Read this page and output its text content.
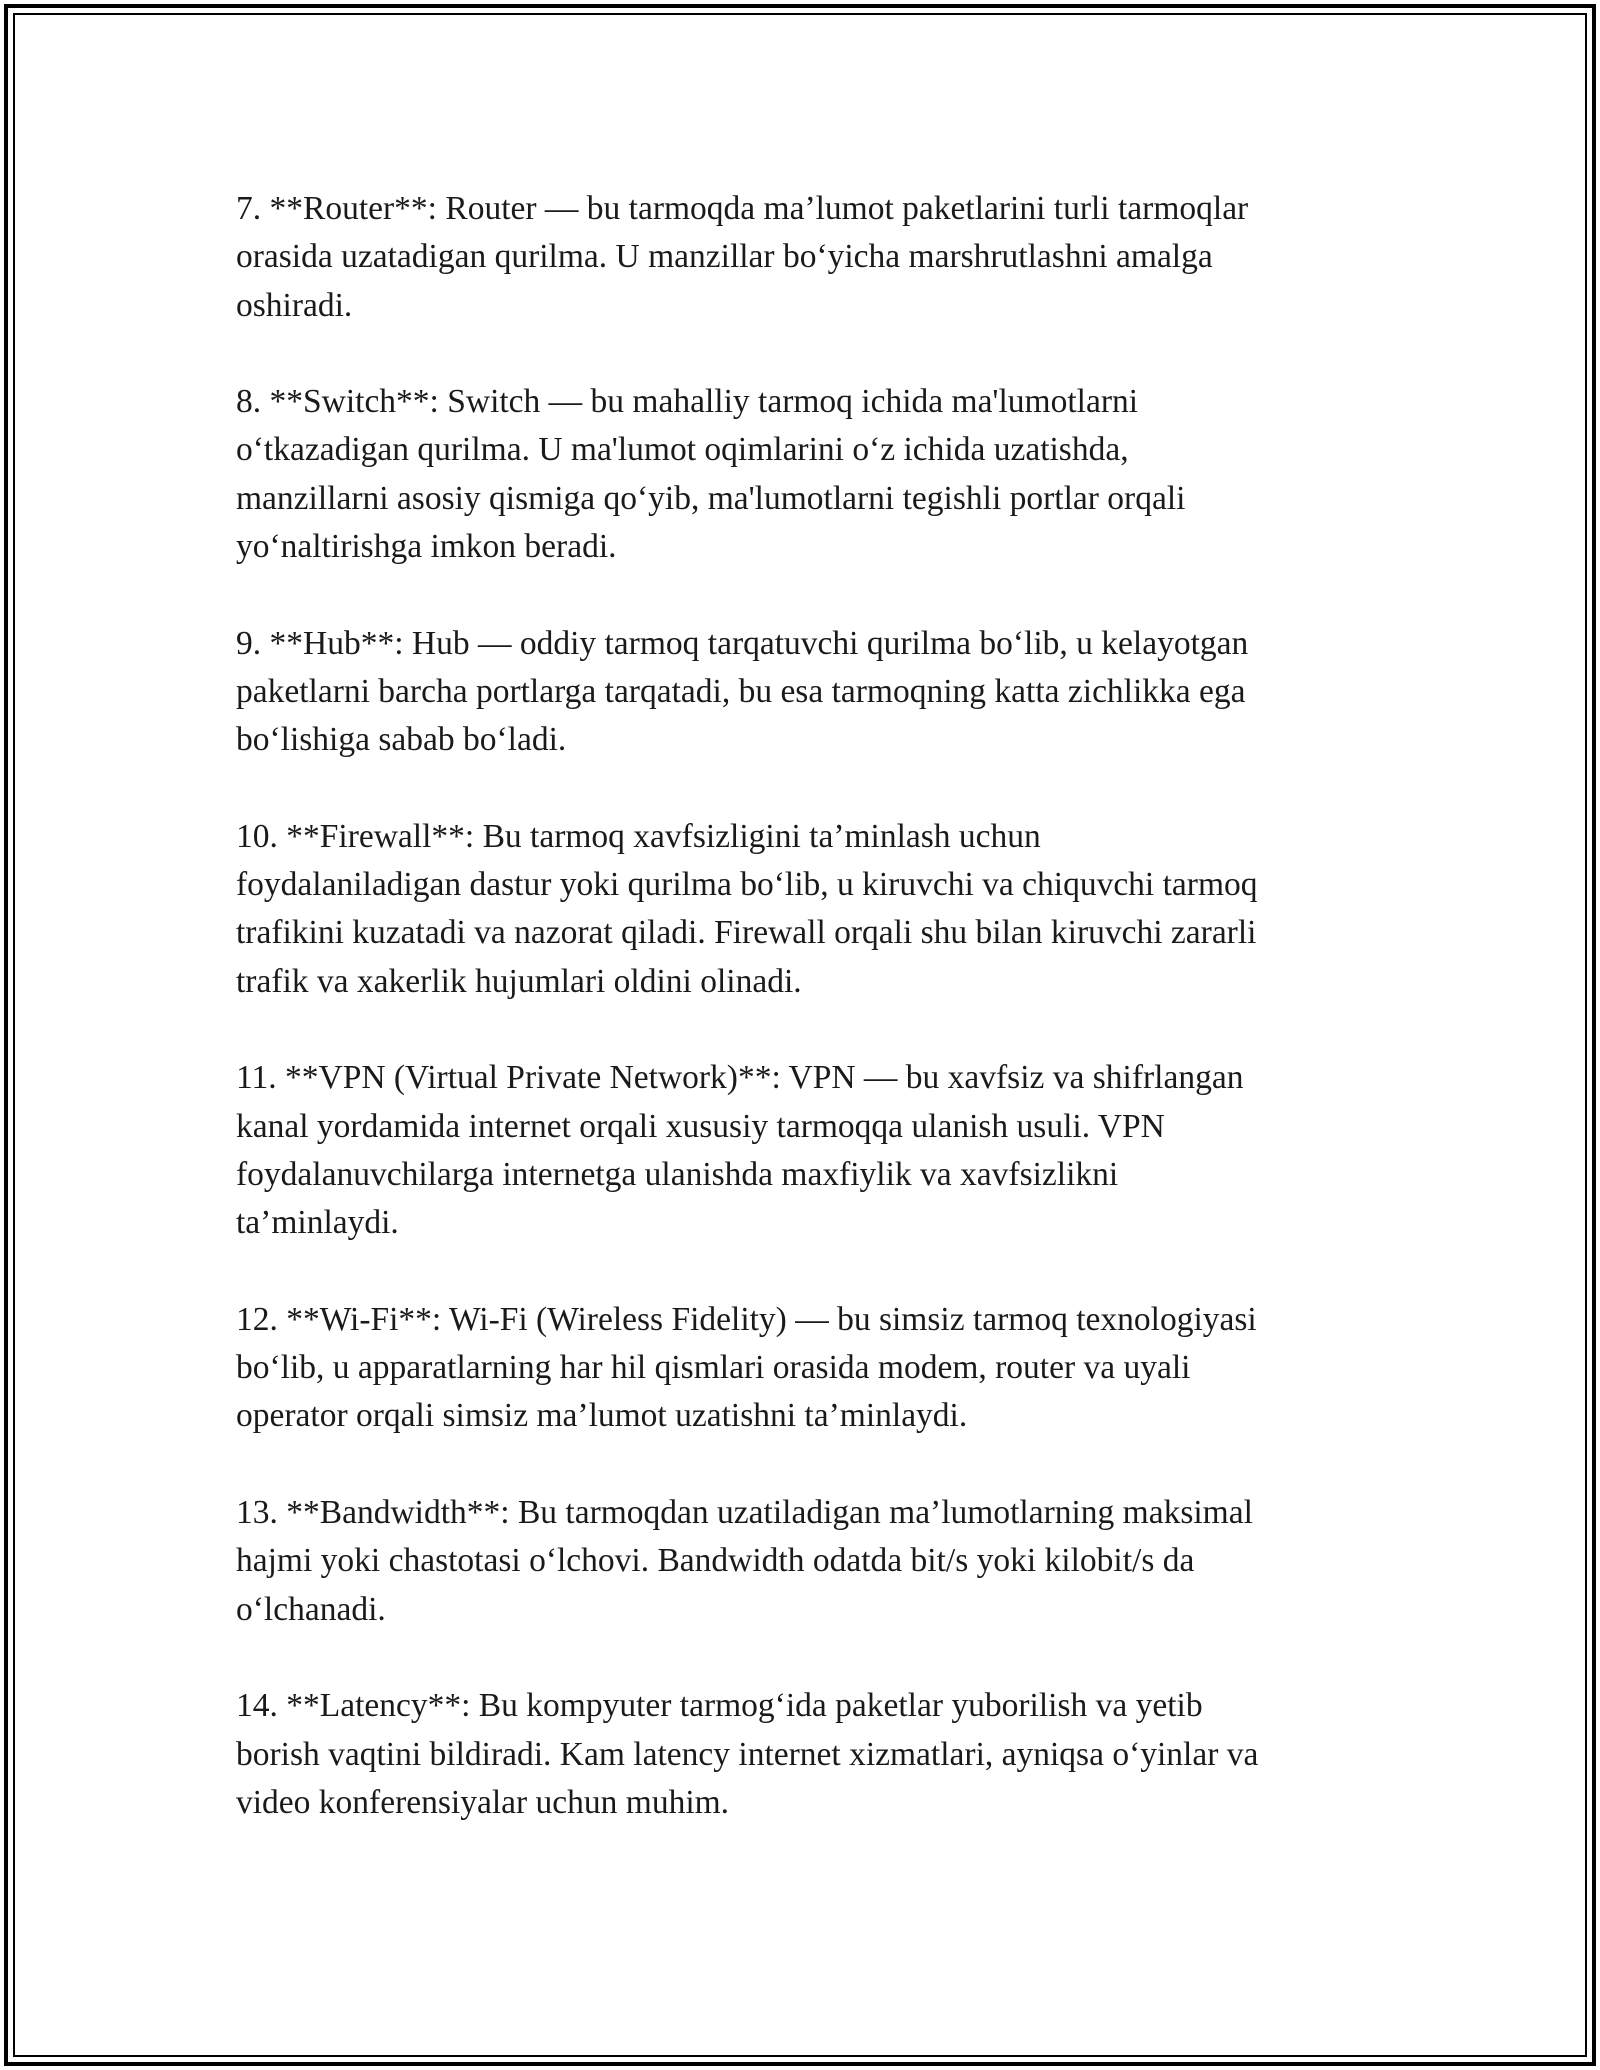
7. **Router**: Router — bu tarmoqda ma’lumot paketlarini turli tarmoqlar
orasida uzatadigan qurilma. U manzillar bo‘yicha marshrutlashni amalga
oshiradi.

8. **Switch**: Switch — bu mahalliy tarmoq ichida ma'lumotlarni
o‘tkazadigan qurilma. U ma'lumot oqimlarini o‘z ichida uzatishda,
manzillarni asosiy qismiga qo‘yib, ma'lumotlarni tegishli portlar orqali
yo‘naltirishga imkon beradi.

9. **Hub**: Hub — oddiy tarmoq tarqatuvchi qurilma bo‘lib, u kelayotgan
paketlarni barcha portlarga tarqatadi, bu esa tarmoqning katta zichlikka ega
bo‘lishiga sabab bo‘ladi.

10. **Firewall**: Bu tarmoq xavfsizligini ta’minlash uchun
foydalaniladigan dastur yoki qurilma bo‘lib, u kiruvchi va chiquvchi tarmoq
trafikini kuzatadi va nazorat qiladi. Firewall orqali shu bilan kiruvchi zararli
trafik va xakerlik hujumlari oldini olinadi.

11. **VPN (Virtual Private Network)**: VPN — bu xavfsiz va shifrlangan
kanal yordamida internet orqali xususiy tarmoqqa ulanish usuli. VPN
foydalanuvchilarga internetga ulanishda maxfiylik va xavfsizlikni
ta’minlaydi.

12. **Wi-Fi**: Wi-Fi (Wireless Fidelity) — bu simsiz tarmoq texnologiyasi
bo‘lib, u apparatlarning har hil qismlari orasida modem, router va uyali
operator orqali simsiz ma’lumot uzatishni ta’minlaydi.

13. **Bandwidth**: Bu tarmoqdan uzatiladigan ma’lumotlarning maksimal
hajmi yoki chastotasi o‘lchovi. Bandwidth odatda bit/s yoki kilobit/s da
o‘lchanadi.

14. **Latency**: Bu kompyuter tarmog‘ida paketlar yuborilish va yetib
borish vaqtini bildiradi. Kam latency internet xizmatlari, ayniqsa o‘yinlar va
video konferensiyalar uchun muhim.
